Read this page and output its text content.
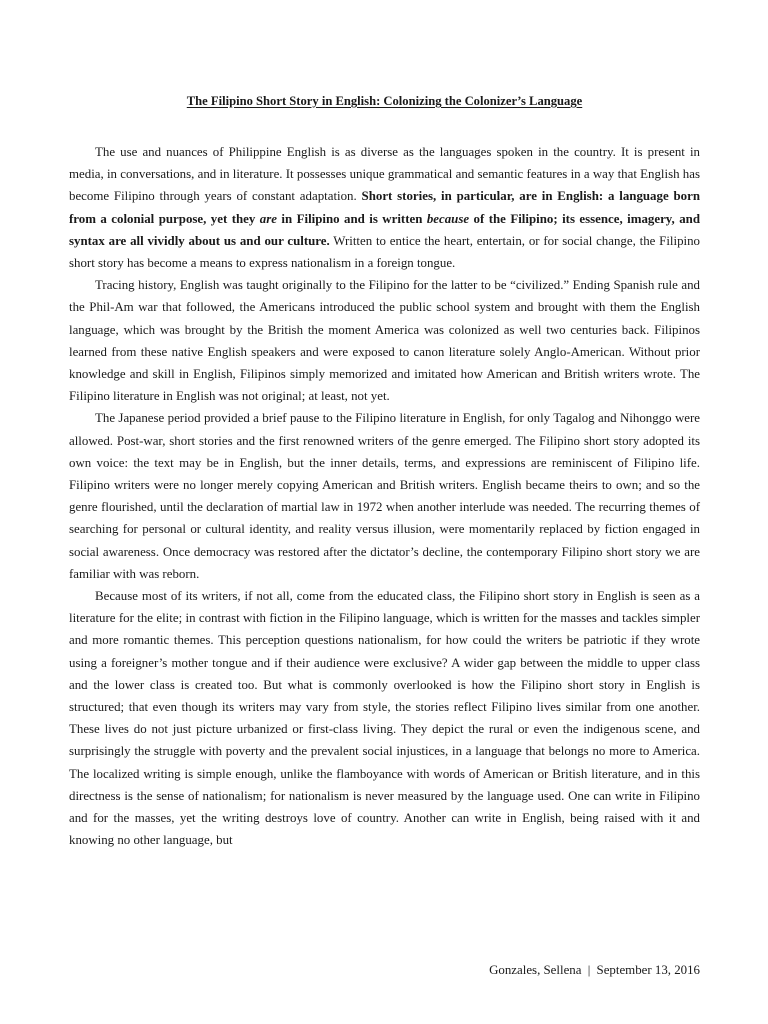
The Filipino Short Story in English: Colonizing the Colonizer’s Language

The use and nuances of Philippine English is as diverse as the languages spoken in the country. It is present in media, in conversations, and in literature. It possesses unique grammatical and semantic features in a way that English has become Filipino through years of constant adaptation. Short stories, in particular, are in English: a language born from a colonial purpose, yet they are in Filipino and is written because of the Filipino; its essence, imagery, and syntax are all vividly about us and our culture. Written to entice the heart, entertain, or for social change, the Filipino short story has become a means to express nationalism in a foreign tongue.

Tracing history, English was taught originally to the Filipino for the latter to be “civilized.” Ending Spanish rule and the Phil-Am war that followed, the Americans introduced the public school system and brought with them the English language, which was brought by the British the moment America was colonized as well two centuries back. Filipinos learned from these native English speakers and were exposed to canon literature solely Anglo-American. Without prior knowledge and skill in English, Filipinos simply memorized and imitated how American and British writers wrote. The Filipino literature in English was not original; at least, not yet.

The Japanese period provided a brief pause to the Filipino literature in English, for only Tagalog and Nihonggo were allowed. Post-war, short stories and the first renowned writers of the genre emerged. The Filipino short story adopted its own voice: the text may be in English, but the inner details, terms, and expressions are reminiscent of Filipino life. Filipino writers were no longer merely copying American and British writers. English became theirs to own; and so the genre flourished, until the declaration of martial law in 1972 when another interlude was needed. The recurring themes of searching for personal or cultural identity, and reality versus illusion, were momentarily replaced by fiction engaged in social awareness. Once democracy was restored after the dictator’s decline, the contemporary Filipino short story we are familiar with was reborn.

Because most of its writers, if not all, come from the educated class, the Filipino short story in English is seen as a literature for the elite; in contrast with fiction in the Filipino language, which is written for the masses and tackles simpler and more romantic themes. This perception questions nationalism, for how could the writers be patriotic if they wrote using a foreigner’s mother tongue and if their audience were exclusive? A wider gap between the middle to upper class and the lower class is created too. But what is commonly overlooked is how the Filipino short story in English is structured; that even though its writers may vary from style, the stories reflect Filipino lives similar from one another. These lives do not just picture urbanized or first-class living. They depict the rural or even the indigenous scene, and surprisingly the struggle with poverty and the prevalent social injustices, in a language that belongs no more to America. The localized writing is simple enough, unlike the flamboyance with words of American or British literature, and in this directness is the sense of nationalism; for nationalism is never measured by the language used. One can write in Filipino and for the masses, yet the writing destroys love of country. Another can write in English, being raised with it and knowing no other language, but

Gonzales, Sellena | September 13, 2016
